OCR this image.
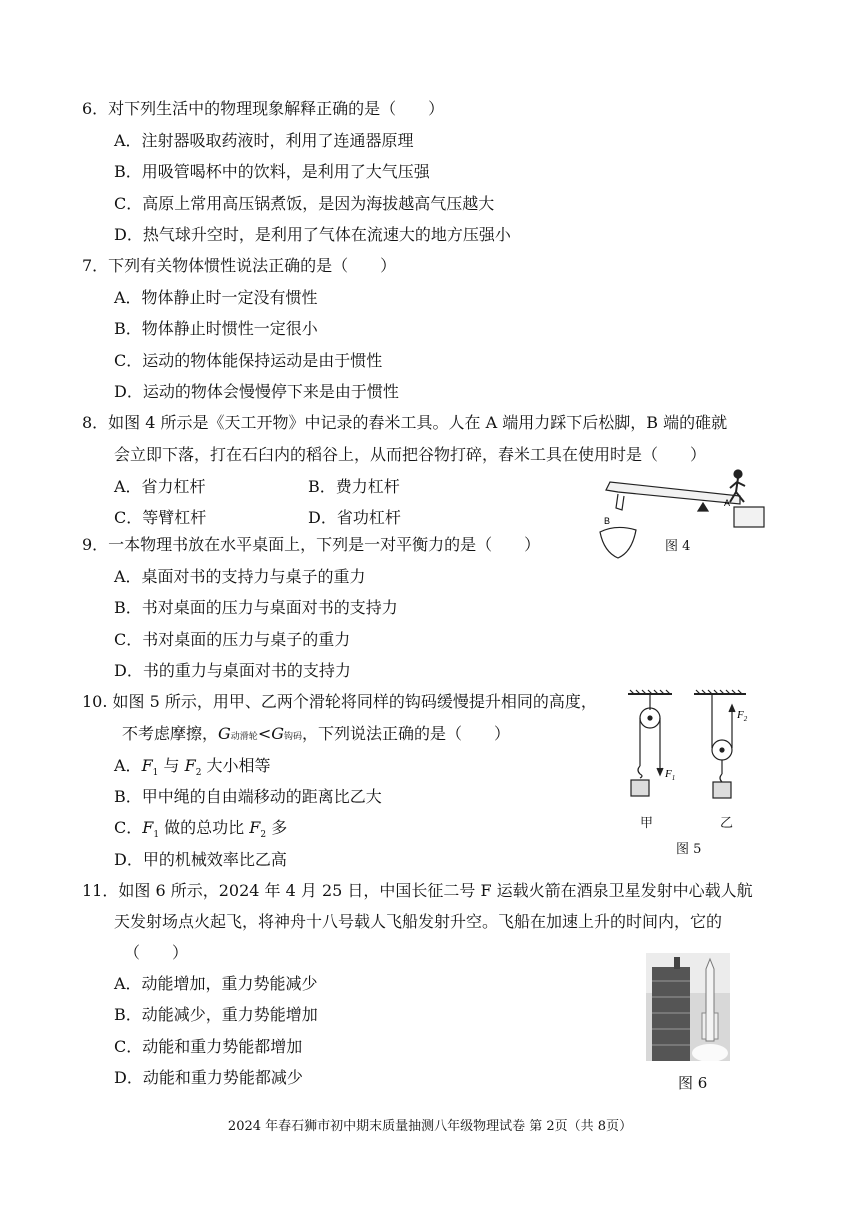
6．对下列生活中的物理现象解释正确的是（　　）
A．注射器吸取药液时，利用了连通器原理
B．用吸管喝杯中的饮料，是利用了大气压强
C．高原上常用高压锅煮饭，是因为海拔越高气压越大
D．热气球升空时，是利用了气体在流速大的地方压强小
7．下列有关物体惯性说法正确的是（　　）
A．物体静止时一定没有惯性
B．物体静止时惯性一定很小
C．运动的物体能保持运动是由于惯性
D．运动的物体会慢慢停下来是由于惯性
8．如图 4 所示是《天工开物》中记录的舂米工具。人在 A 端用力踩下后松脚，B 端的碓就
会立即下落，打在石臼内的稻谷上，从而把谷物打碎，舂米工具在使用时是（　　）
A．省力杠杆	B．费力杠杆
C．等臂杠杆	D．省功杠杆	B
A
图 4
9．一本物理书放在水平桌面上，下列是一对平衡力的是（　　）
A．桌面对书的支持力与桌子的重力
B．书对桌面的压力与桌面对书的支持力
C．书对桌面的压力与桌子的重力
D．书的重力与桌面对书的支持力
10. 如图 5 所示，用甲、乙两个滑轮将同样的钩码缓慢提升相同的高度，
不考虑摩擦，G动滑轮<G钩码，下列说法正确的是（　　）
A．$F_1$ 与 $F_2$ 大小相等
B．甲中绳的自由端移动的距离比乙大
C．$F_1$ 做的总功比 $F_2$ 多
D．甲的机械效率比乙高
$F_1$
$F_2$
甲	乙
图 5
11．如图 6 所示，2024 年 4 月 25 日，中国长征二号 F 运载火箭在酒泉卫星发射中心载人航
天发射场点火起飞，将神舟十八号载人飞船发射升空。飞船在加速上升的时间内，它的
（　　）
A．动能增加，重力势能减少
B．动能减少，重力势能增加
C．动能和重力势能都增加
D．动能和重力势能都减少	图 6
2024 年春石狮市初中期末质量抽测八年级物理试卷 第 2页（共 8页）
